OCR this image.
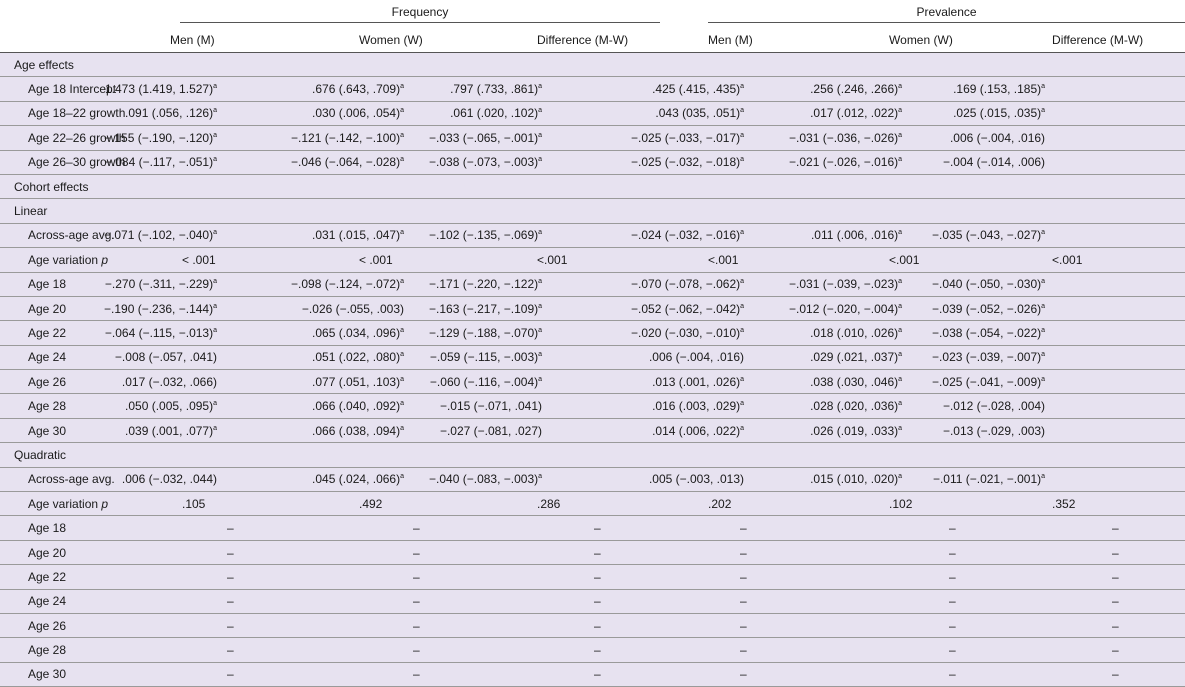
	Frequency			Prevalence		

	Men (M)	Women (W)	Difference (M-W)	Men (M)	Women (W)	Difference (M-W)

Age effects						
Age 18 Intercept	1.473 (1.419, 1.527)$^a$	.676 (.643, .709)$^a$	.797 (.733, .861)$^a$	.425 (.415, .435)$^a$	.256 (.246, .266)$^a$	.169 (.153, .185)$^a$

Age 18–22 growth	.091 (.056, .126)$^a$	.030 (.006, .054)$^a$	.061 (.020, .102)$^a$	.043 (035, .051)$^a$	.017 (.012, .022)$^a$	.025 (.015, .035)$^a$

Age 22–26 growth	−.155 (−.190, −.120)$^a$	−.121 (−.142, −.100)$^a$	−.033 (−.065, −.001)$^a$	−.025 (−.033, −.017)$^a$	−.031 (−.036, −.026)$^a$	.006 (−.004, .016)

Age 26–30 growth	−.084 (−.117, −.051)$^a$	−.046 (−.064, −.028)$^a$	−.038 (−.073, −.003)$^a$	−.025 (−.032, −.018)$^a$	−.021 (−.026, −.016)$^a$	−.004 (−.014, .006)

Cohort effects						
Linear						
Across-age avg.	−.071 (−.102, −.040)$^a$	.031 (.015, .047)$^a$	−.102 (−.135, −.069)$^a$	−.024 (−.032, −.016)$^a$	.011 (.006, .016)$^a$	−.035 (−.043, −.027)$^a$

Age variation p	< .001	< .001	<.001	<.001	<.001	<.001

Age 18	−.270 (−.311, −.229)$^a$	−.098 (−.124, −.072)$^a$	−.171 (−.220, −.122)$^a$	−.070 (−.078, −.062)$^a$	−.031 (−.039, −.023)$^a$	−.040 (−.050, −.030)$^a$

Age 20	−.190 (−.236, −.144)$^a$	−.026 (−.055, .003)	−.163 (−.217, −.109)$^a$	−.052 (−.062, −.042)$^a$	−.012 (−.020, −.004)$^a$	−.039 (−.052, −.026)$^a$

Age 22	−.064 (−.115, −.013)$^a$	.065 (.034, .096)$^a$	−.129 (−.188, −.070)$^a$	−.020 (−.030, −.010)$^a$	.018 (.010, .026)$^a$	−.038 (−.054, −.022)$^a$

Age 24	−.008 (−.057, .041)	.051 (.022, .080)$^a$	−.059 (−.115, −.003)$^a$	.006 (−.004, .016)	.029 (.021, .037)$^a$	−.023 (−.039, −.007)$^a$

Age 26	.017 (−.032, .066)	.077 (.051, .103)$^a$	−.060 (−.116, −.004)$^a$	.013 (.001, .026)$^a$	.038 (.030, .046)$^a$	−.025 (−.041, −.009)$^a$

Age 28	.050 (.005, .095)$^a$	.066 (.040, .092)$^a$	−.015 (−.071, .041)	.016 (.003, .029)$^a$	.028 (.020, .036)$^a$	−.012 (−.028, .004)

Age 30	.039 (.001, .077)$^a$	.066 (.038, .094)$^a$	−.027 (−.081, .027)	.014 (.006, .022)$^a$	.026 (.019, .033)$^a$	−.013 (−.029, .003)

Quadratic						
Across-age avg.	.006 (−.032, .044)	.045 (.024, .066)$^a$	−.040 (−.083, −.003)$^a$	.005 (−.003, .013)	.015 (.010, .020)$^a$	−.011 (−.021, −.001)$^a$

Age variation p	.105	.492	.286	.202	.102	.352

Age 18	–	–	–	–	–	–

Age 20	–	–	–	–	–	–

Age 22	–	–	–	–	–	–

Age 24	–	–	–	–	–	–

Age 26	–	–	–	–	–	–

Age 28	–	–	–	–	–	–

Age 30	–	–	–	–	–	–
